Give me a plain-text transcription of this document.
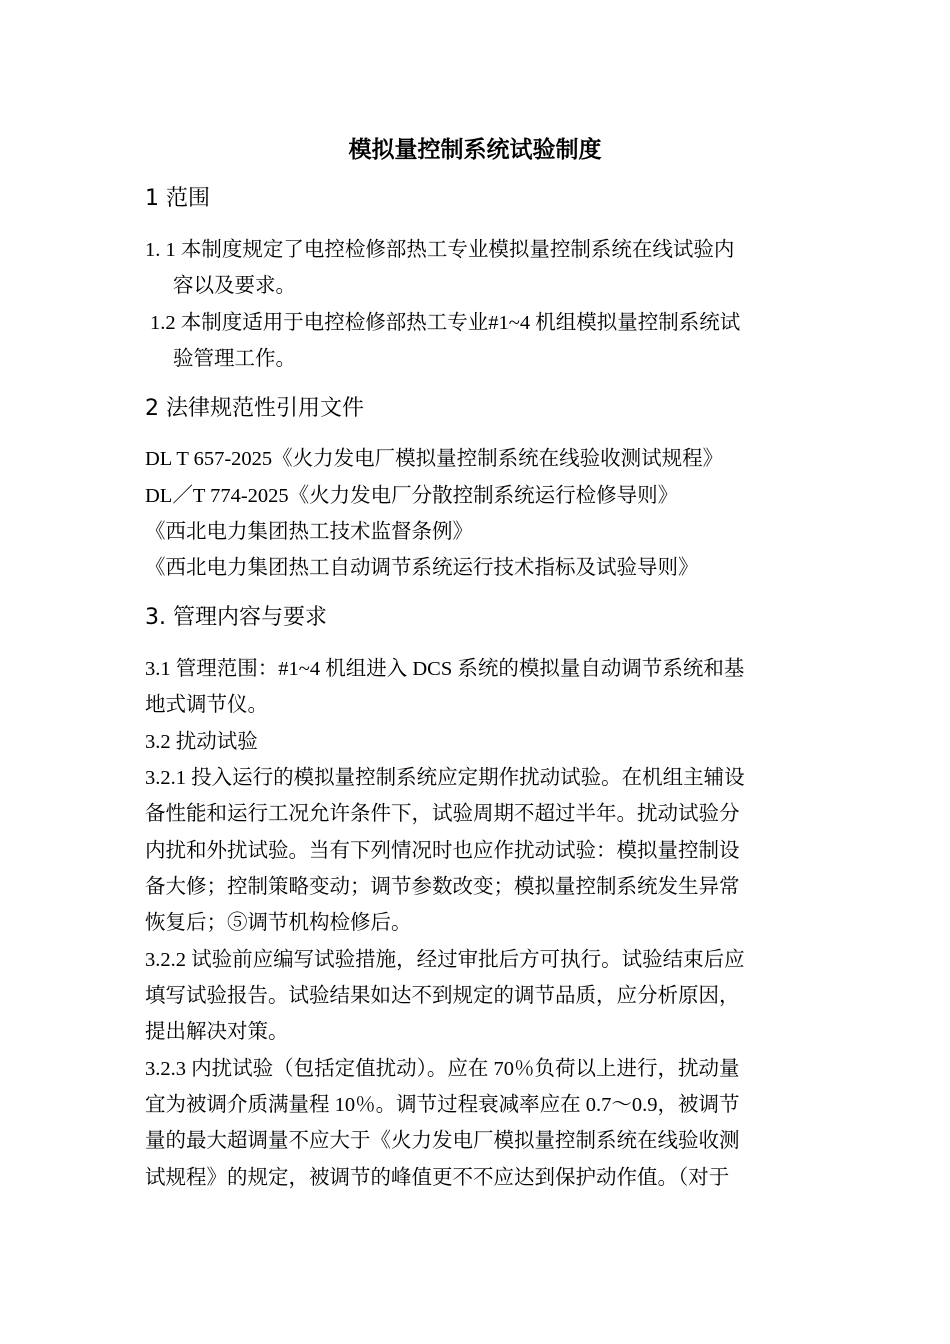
模拟量控制系统试验制度
1 范围
1. 1 本制度规定了电控检修部热工专业模拟量控制系统在线试验内
容以及要求。
1.2 本制度适用于电控检修部热工专业#1~4 机组模拟量控制系统试
验管理工作。
2 法律规范性引用文件
DL T 657-2025《火力发电厂模拟量控制系统在线验收测试规程》
DL／T 774-2025《火力发电厂分散控制系统运行检修导则》
《西北电力集团热工技术监督条例》
《西北电力集团热工自动调节系统运行技术指标及试验导则》
3. 管理内容与要求
3.1 管理范围：#1~4 机组进入 DCS 系统的模拟量自动调节系统和基
地式调节仪。
3.2 扰动试验
3.2.1 投入运行的模拟量控制系统应定期作扰动试验。在机组主辅设
备性能和运行工况允许条件下，试验周期不超过半年。扰动试验分
内扰和外扰试验。当有下列情况时也应作扰动试验：模拟量控制设
备大修；控制策略变动；调节参数改变；模拟量控制系统发生异常
恢复后；⑤调节机构检修后。
3.2.2 试验前应编写试验措施，经过审批后方可执行。试验结束后应
填写试验报告。试验结果如达不到规定的调节品质，应分析原因，
提出解决对策。
3.2.3 内扰试验（包括定值扰动）。应在 70％负荷以上进行，扰动量
宜为被调介质满量程 10％。调节过程衰减率应在 0.7～0.9，被调节
量的最大超调量不应大于《火力发电厂模拟量控制系统在线验收测
试规程》的规定，被调节的峰值更不不应达到保护动作值。（对于
